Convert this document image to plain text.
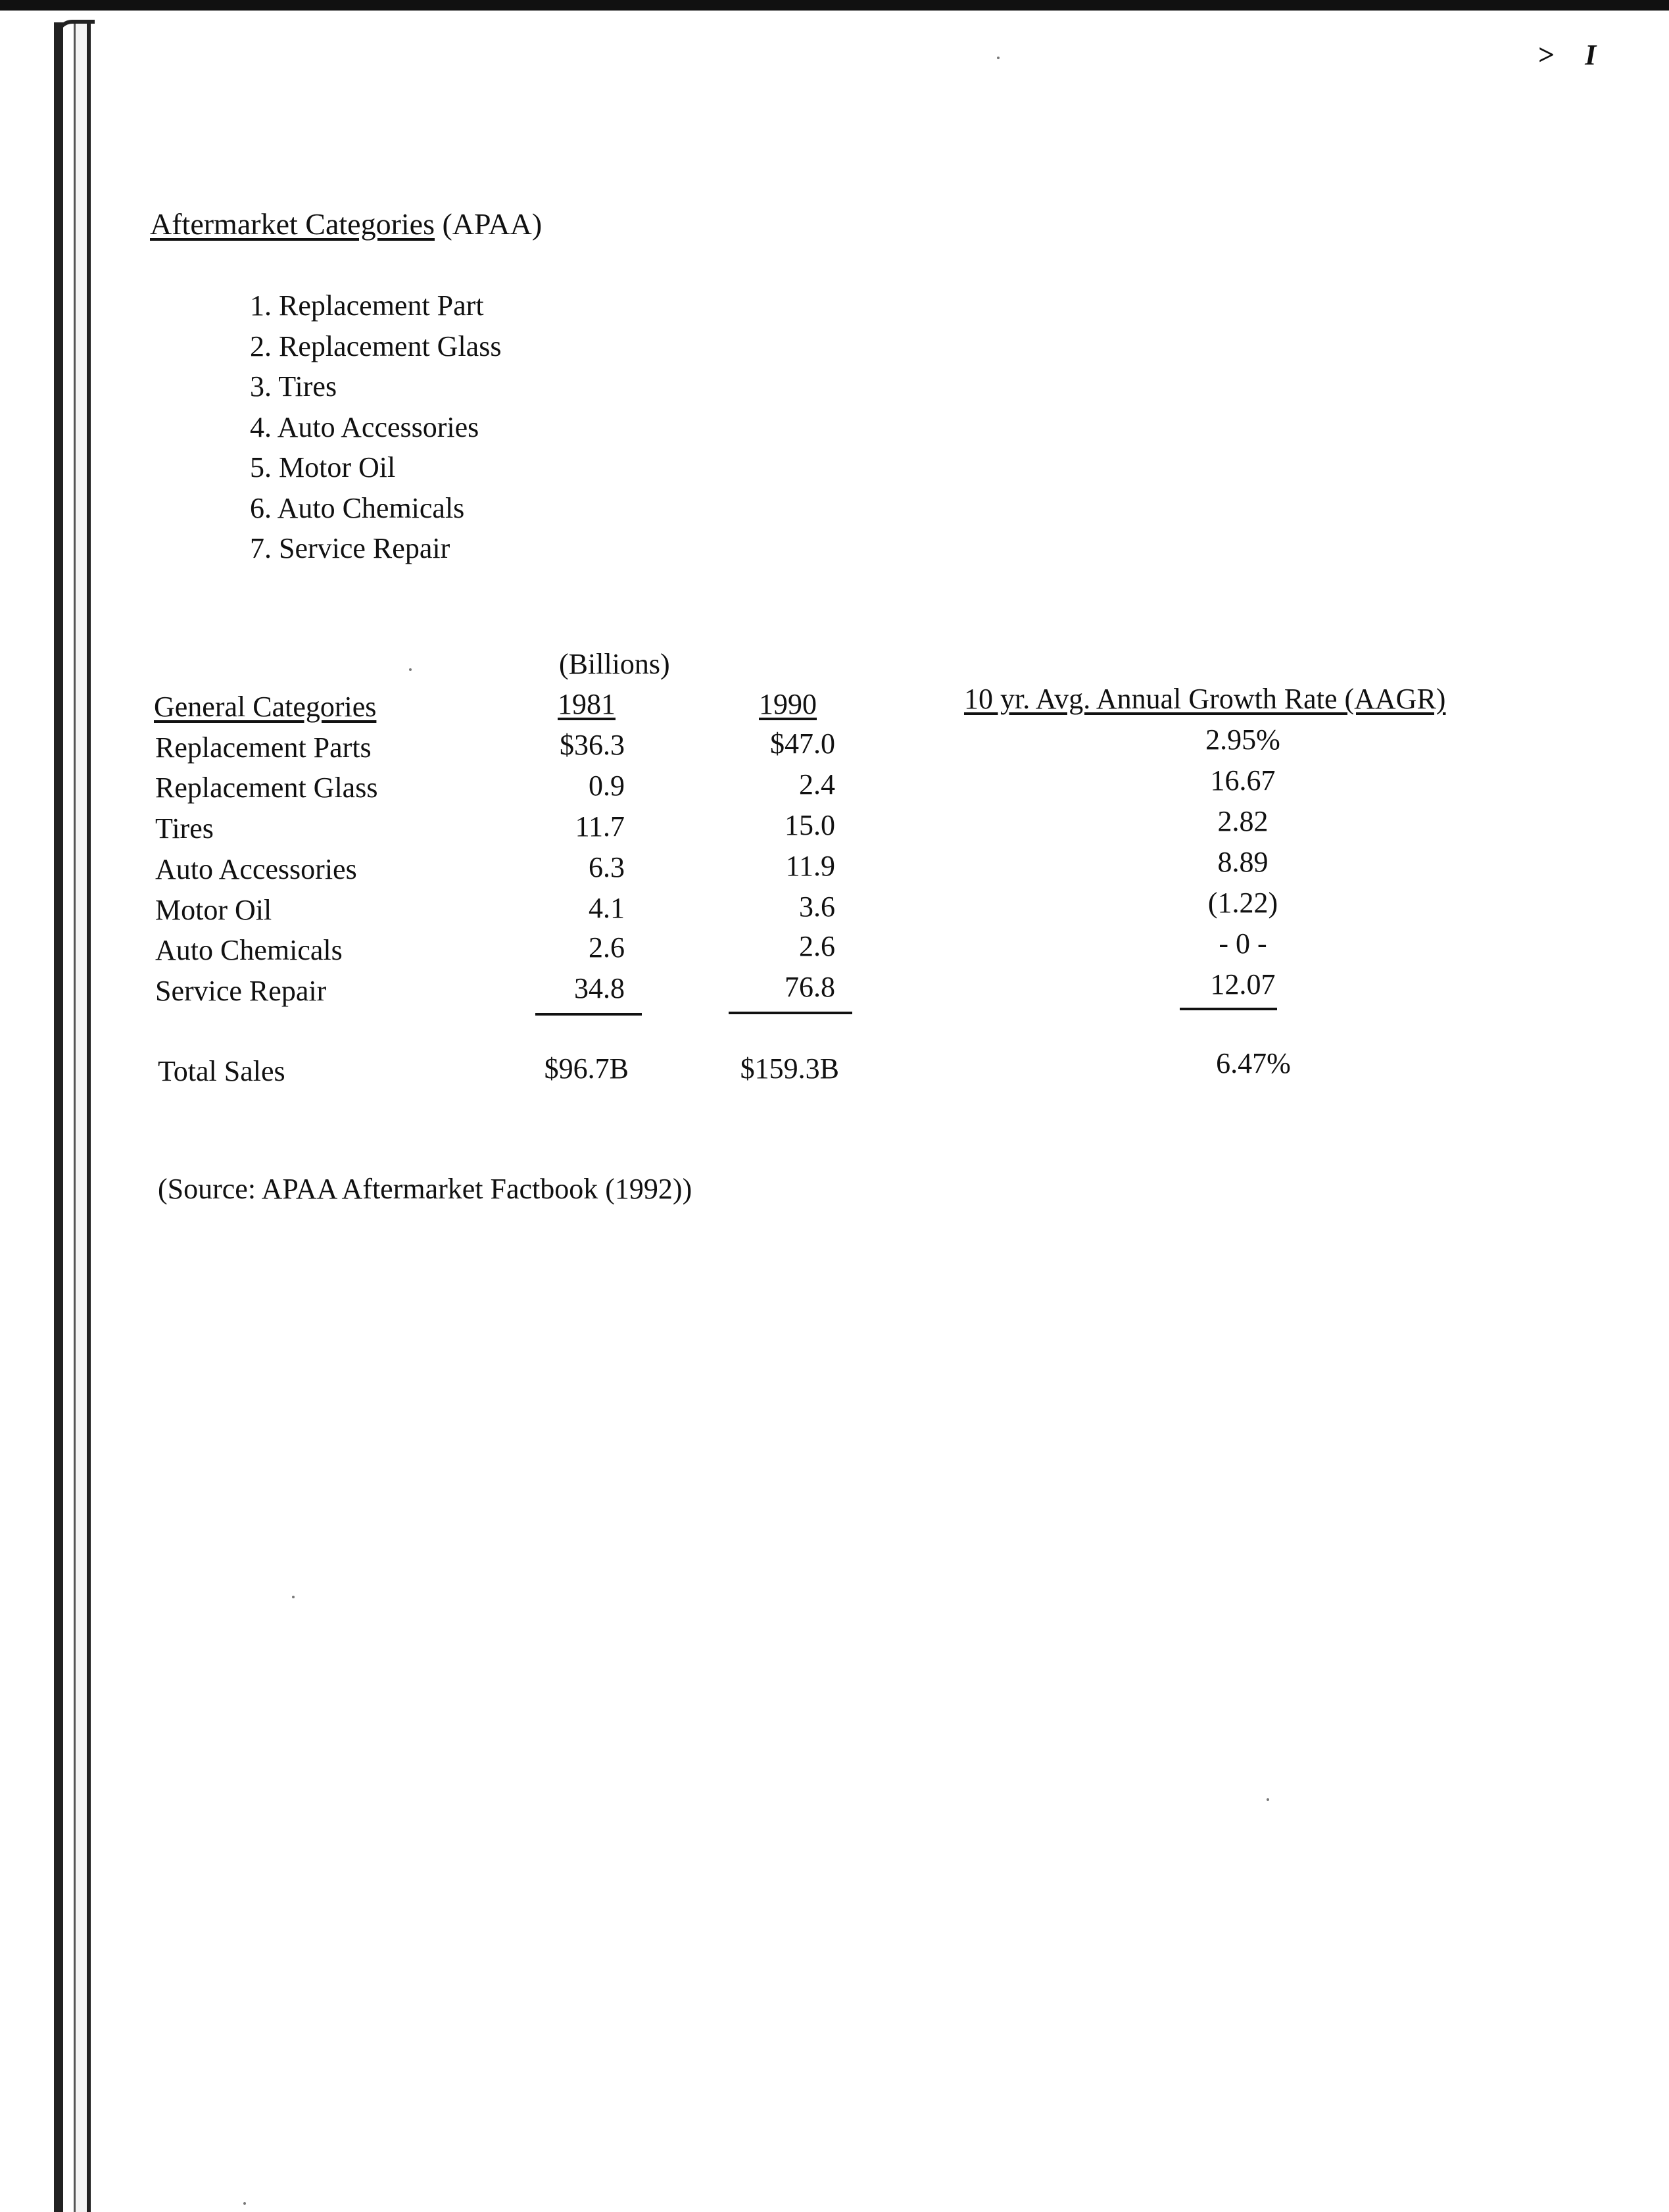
> I
Aftermarket Categories (APAA)
1. Replacement Part
2. Replacement Glass
3. Tires
4. Auto Accessories
5. Motor Oil
6. Auto Chemicals
7. Service Repair
(Billions)
General Categories	1981	1990	10 yr. Avg. Annual Growth Rate (AAGR)
Replacement Parts	$36.3	$47.0	2.95%
Replacement Glass	0.9	2.4	16.67
Tires	11.7	15.0	2.82
Auto Accessories	6.3	11.9	8.89
Motor Oil	4.1	3.6	(1.22)
Auto Chemicals	2.6	2.6	- 0 -
Service Repair	34.8	76.8	12.07
Total Sales	$96.7B	$159.3B	6.47%
(Source: APAA Aftermarket Factbook (1992))
